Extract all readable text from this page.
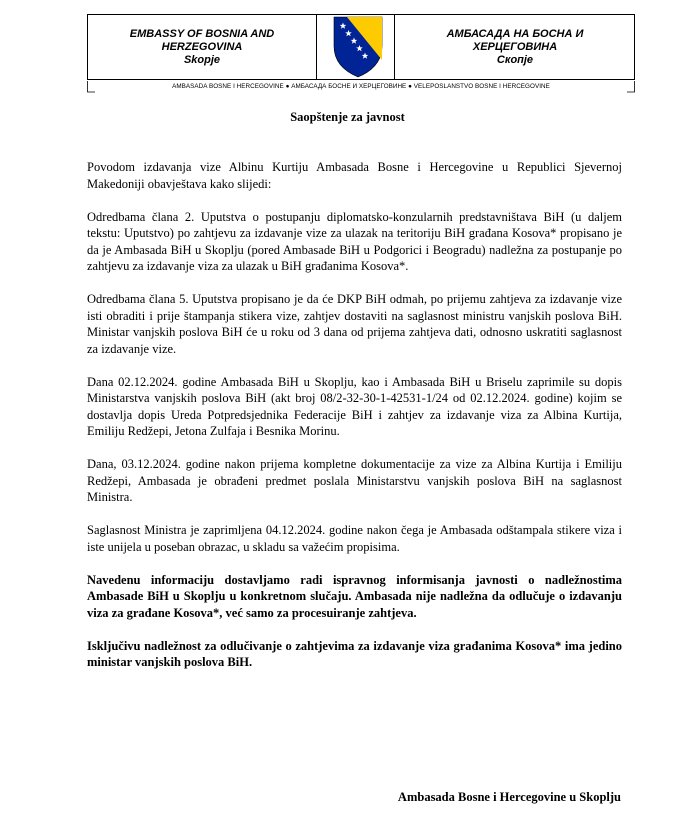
EMBASSY OF BOSNIA AND
HERZEGOVINA
Skopje
АМБАСАДА НА БОСНА И
ХЕРЦЕГОВИНА
Скопје
AMBASADA BOSNE I HERCEGOVINE ● АМБАСАДА БОСНЕ И ХЕРЦЕГОВИНЕ ● VELEPOSLANSTVO BOSNE I HERCEGOVINE
Saopštenje za javnost

Povodom izdavanja vize Albinu Kurtiju Ambasada Bosne i Hercegovine u Republici Sjevernoj Makedoniji obavještava kako slijedi:

Odredbama člana 2. Uputstva o postupanju diplomatsko-konzularnih predstavništava BiH (u daljem tekstu: Uputstvo) po zahtjevu za izdavanje vize za ulazak na teritoriju BiH građana Kosova* propisano je da je Ambasada BiH u Skoplju (pored Ambasade BiH u Podgorici i Beogradu) nadležna za postupanje po zahtjevu za izdavanje viza za ulazak u BiH građanima Kosova*.

Odredbama člana 5. Uputstva propisano je da će DKP BiH odmah, po prijemu zahtjeva za izdavanje vize isti obraditi i prije štampanja stikera vize, zahtjev dostaviti na saglasnost ministru vanjskih poslova BiH. Ministar vanjskih poslova BiH će u roku od 3 dana od prijema zahtjeva dati, odnosno uskratiti saglasnost za izdavanje vize.

Dana 02.12.2024. godine Ambasada BiH u Skoplju, kao i Ambasada BiH u Briselu zaprimile su dopis Ministarstva vanjskih poslova BiH (akt broj 08/2-32-30-1-42531-1/24 od 02.12.2024. godine) kojim se dostavlja dopis Ureda Potpredsjednika Federacije BiH i zahtjev za izdavanje viza za Albina Kurtija, Emiliju Redžepi, Jetona Zulfaja i Besnika Morinu.

Dana, 03.12.2024. godine nakon prijema kompletne dokumentacije za vize za Albina Kurtija i Emiliju Redžepi, Ambasada je obrađeni predmet poslala Ministarstvu vanjskih poslova BiH na saglasnost Ministra.

Saglasnost Ministra je zaprimljena 04.12.2024. godine nakon čega je Ambasada odštampala stikere viza i iste unijela u poseban obrazac, u skladu sa važećim propisima.

Navedenu informaciju dostavljamo radi ispravnog informisanja javnosti o nadležnostima Ambasade BiH u Skoplju u konkretnom slučaju. Ambasada nije nadležna da odlučuje o izdavanju viza za građane Kosova*, već samo za procesuiranje zahtjeva.

Isključivu nadležnost za odlučivanje o zahtjevima za izdavanje viza građanima Kosova* ima jedino ministar vanjskih poslova BiH.

Ambasada Bosne i Hercegovine u Skoplju
